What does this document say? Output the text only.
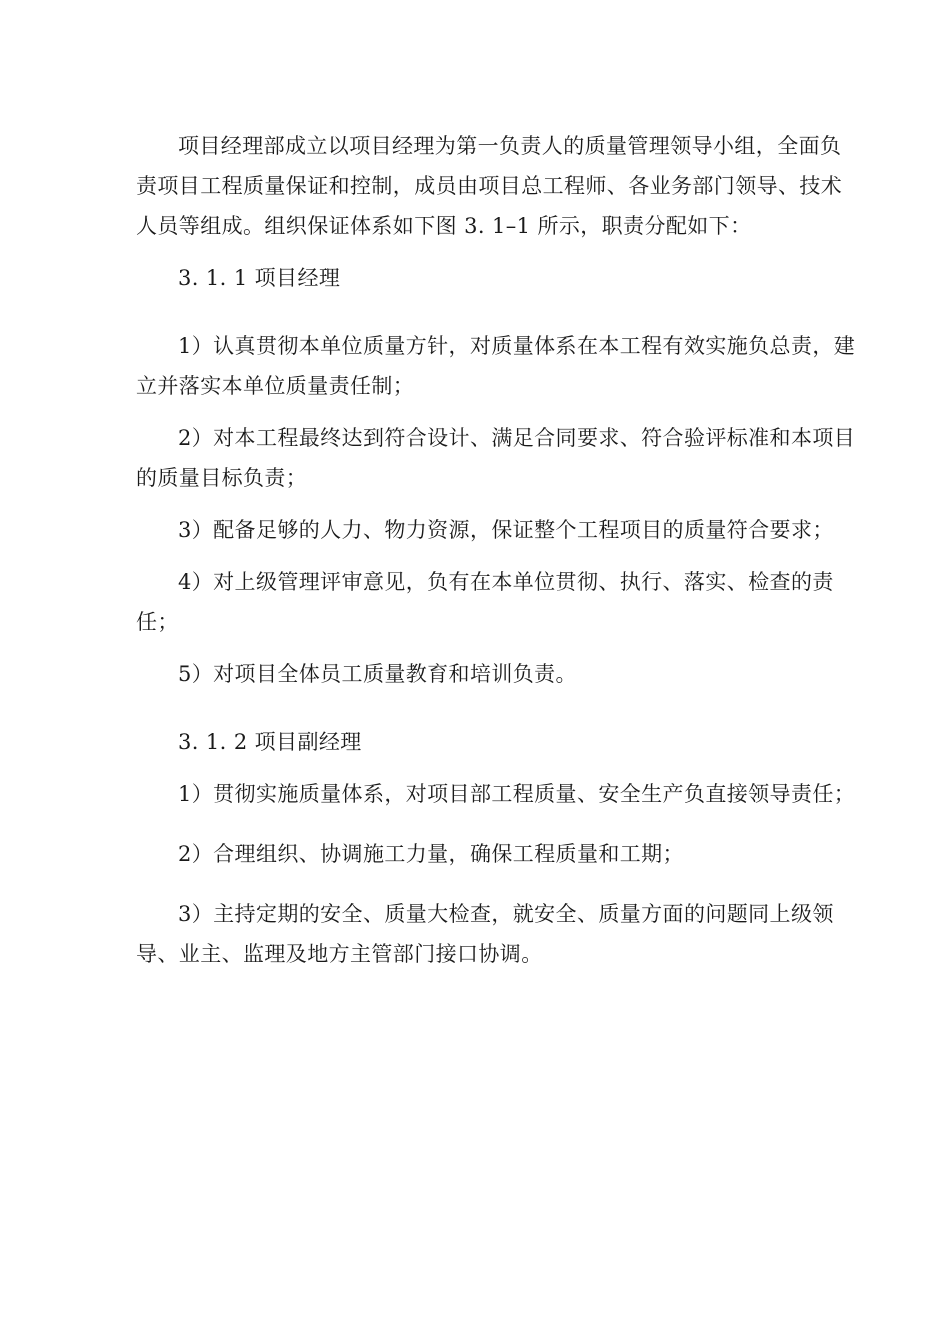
项目经理部成立以项目经理为第一负责人的质量管理领导小组，全面负责项目工程质量保证和控制，成员由项目总工程师、各业务部门领导、技术人员等组成。组织保证体系如下图 3. 1–1 所示，职责分配如下：

3. 1. 1 项目经理

1）认真贯彻本单位质量方针，对质量体系在本工程有效实施负总责，建立并落实本单位质量责任制；

2）对本工程最终达到符合设计、满足合同要求、符合验评标准和本项目的质量目标负责；

3）配备足够的人力、物力资源，保证整个工程项目的质量符合要求；

4）对上级管理评审意见，负有在本单位贯彻、执行、落实、检查的责任；

5）对项目全体员工质量教育和培训负责。

3. 1. 2 项目副经理

1）贯彻实施质量体系，对项目部工程质量、安全生产负直接领导责任；

2）合理组织、协调施工力量，确保工程质量和工期；

3）主持定期的安全、质量大检查，就安全、质量方面的问题同上级领导、业主、监理及地方主管部门接口协调。
